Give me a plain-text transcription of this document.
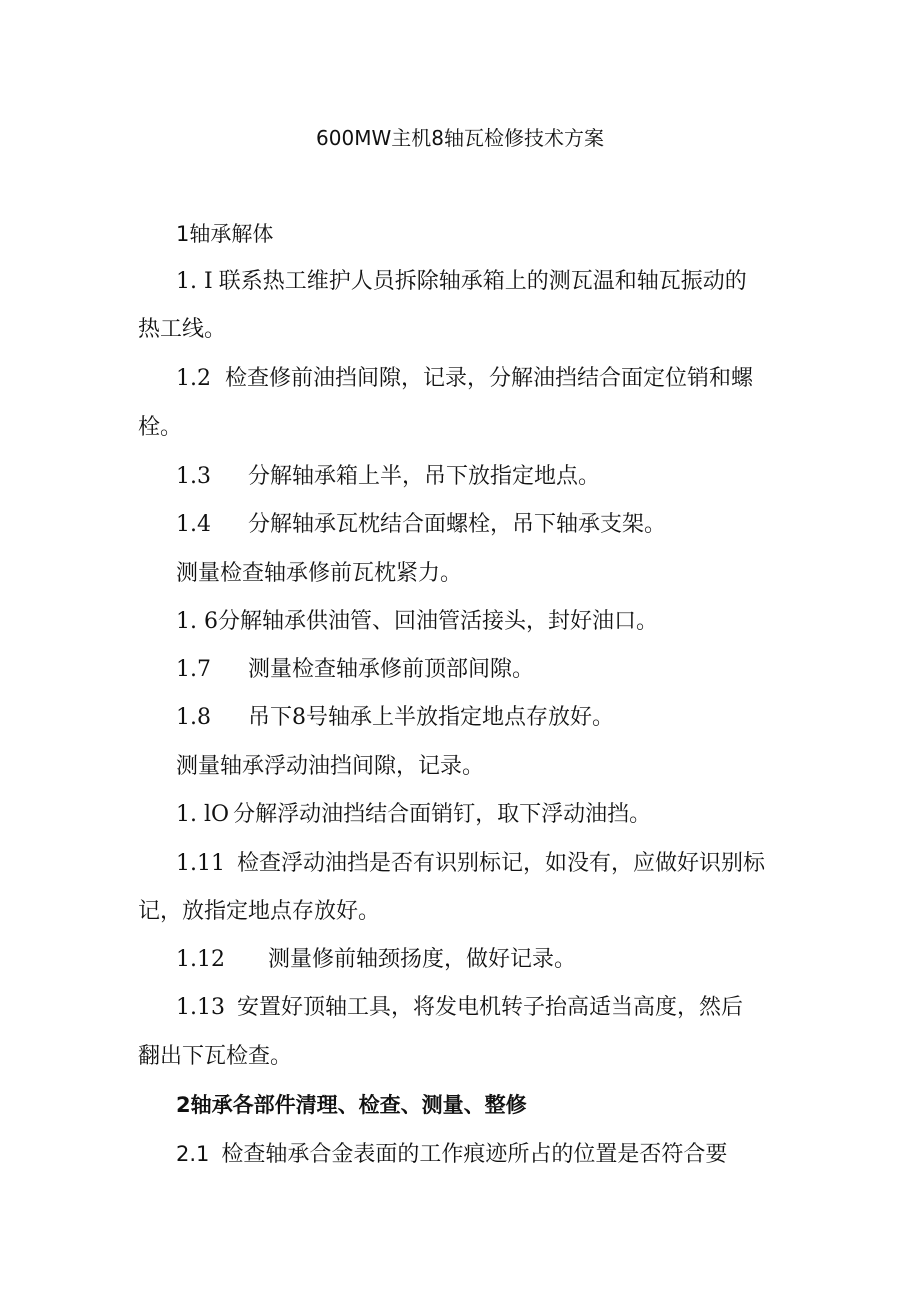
600MW主机8轴瓦检修技术方案
1轴承解体
1. I 联系热工维护人员拆除轴承箱上的测瓦温和轴瓦振动的
热工线。
1.2 检查修前油挡间隙，记录，分解油挡结合面定位销和螺
栓。
1.3 分解轴承箱上半，吊下放指定地点。
1.4 分解轴承瓦枕结合面螺栓，吊下轴承支架。
测量检查轴承修前瓦枕紧力。
1. 6分解轴承供油管、回油管活接头，封好油口。
1.7 测量检查轴承修前顶部间隙。
1.8 吊下8号轴承上半放指定地点存放好。
测量轴承浮动油挡间隙，记录。
1. lO 分解浮动油挡结合面销钉，取下浮动油挡。
1.11 检查浮动油挡是否有识别标记，如没有，应做好识别标
记，放指定地点存放好。
1.12 测量修前轴颈扬度，做好记录。
1.13 安置好顶轴工具，将发电机转子抬高适当高度，然后
翻出下瓦检查。
2轴承各部件清理、检查、测量、整修
2.1 检查轴承合金表面的工作痕迹所占的位置是否符合要
